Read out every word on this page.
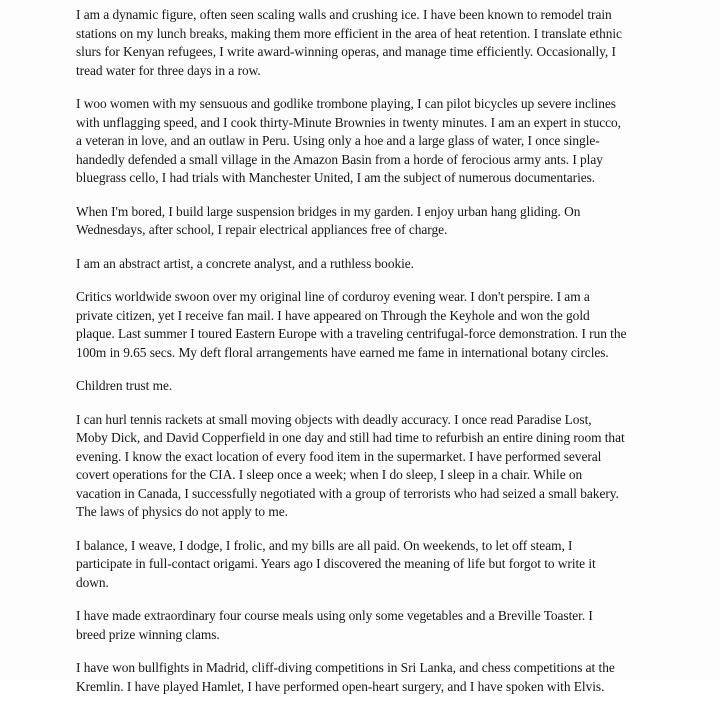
I am a dynamic figure, often seen scaling walls and crushing ice. I have been known to remodel train
stations on my lunch breaks, making them more efficient in the area of heat retention. I translate ethnic
slurs for Kenyan refugees, I write award-winning operas, and manage time efficiently. Occasionally, I
tread water for three days in a row.

I woo women with my sensuous and godlike trombone playing, I can pilot bicycles up severe inclines
with unflagging speed, and I cook thirty-Minute Brownies in twenty minutes. I am an expert in stucco,
a veteran in love, and an outlaw in Peru. Using only a hoe and a large glass of water, I once single-
handedly defended a small village in the Amazon Basin from a horde of ferocious army ants. I play
bluegrass cello, I had trials with Manchester United, I am the subject of numerous documentaries.

When I'm bored, I build large suspension bridges in my garden. I enjoy urban hang gliding. On
Wednesdays, after school, I repair electrical appliances free of charge.

I am an abstract artist, a concrete analyst, and a ruthless bookie.

Critics worldwide swoon over my original line of corduroy evening wear. I don't perspire. I am a
private citizen, yet I receive fan mail. I have appeared on Through the Keyhole and won the gold
plaque. Last summer I toured Eastern Europe with a traveling centrifugal-force demonstration. I run the
100m in 9.65 secs. My deft floral arrangements have earned me fame in international botany circles.

Children trust me.

I can hurl tennis rackets at small moving objects with deadly accuracy. I once read Paradise Lost,
Moby Dick, and David Copperfield in one day and still had time to refurbish an entire dining room that
evening. I know the exact location of every food item in the supermarket. I have performed several
covert operations for the CIA. I sleep once a week; when I do sleep, I sleep in a chair. While on
vacation in Canada, I successfully negotiated with a group of terrorists who had seized a small bakery.
The laws of physics do not apply to me.

I balance, I weave, I dodge, I frolic, and my bills are all paid. On weekends, to let off steam, I
participate in full-contact origami. Years ago I discovered the meaning of life but forgot to write it
down.

I have made extraordinary four course meals using only some vegetables and a Breville Toaster. I
breed prize winning clams.

I have won bullfights in Madrid, cliff-diving competitions in Sri Lanka, and chess competitions at the
Kremlin. I have played Hamlet, I have performed open-heart surgery, and I have spoken with Elvis.
